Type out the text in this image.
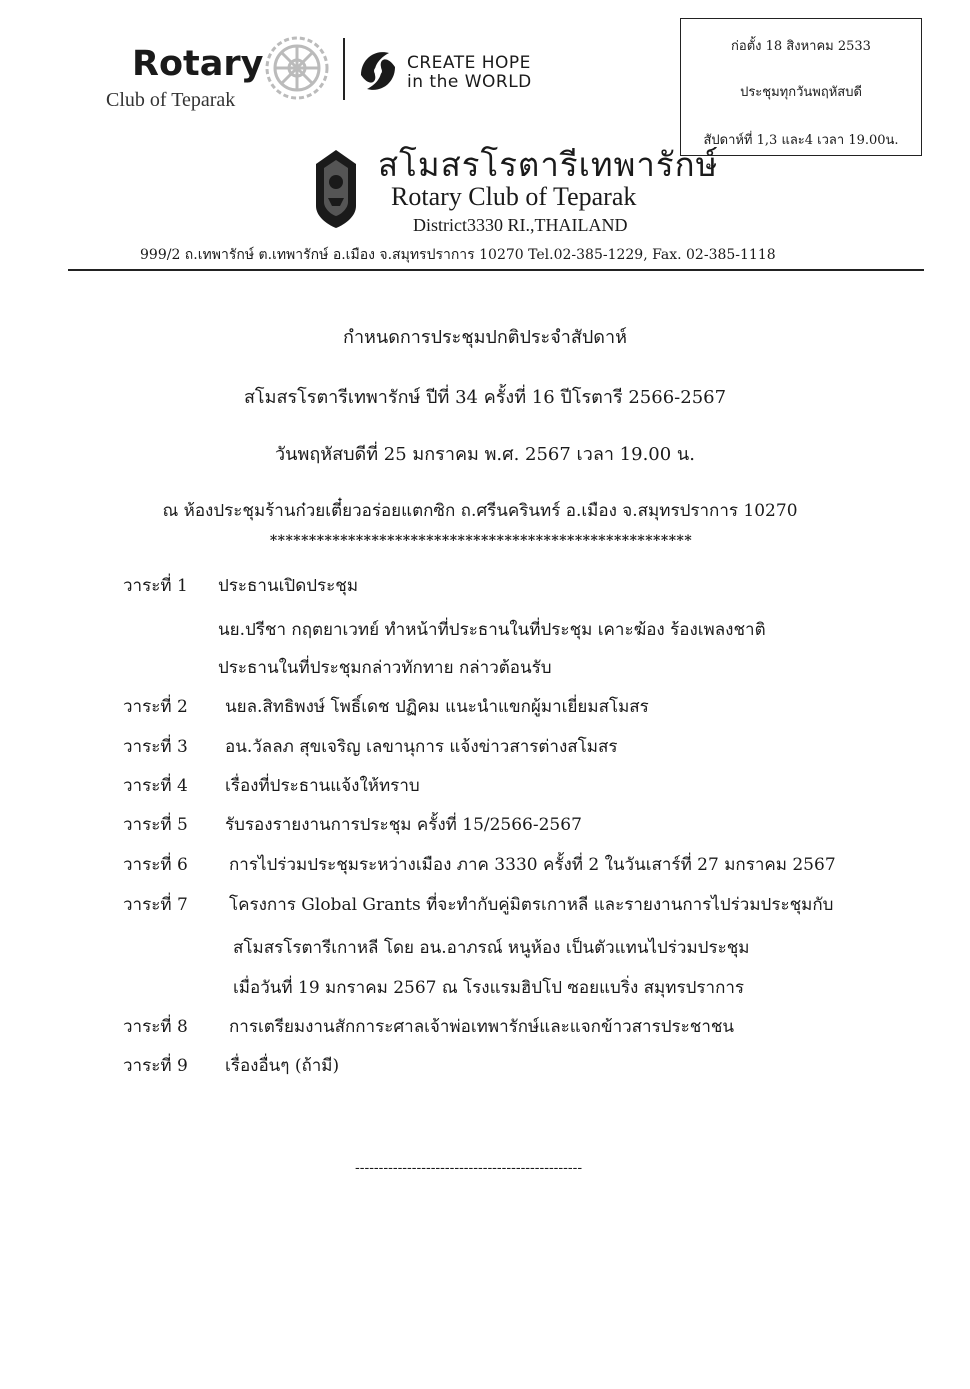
Rotary
Club of Teparak
CREATE HOPE
in the WORLD
ก่อตั้ง 18 สิงหาคม 2533
ประชุมทุกวันพฤหัสบดี
สัปดาห์ที่ 1,3 และ4 เวลา 19.00น.
สโมสรโรตารีเทพารักษ์
Rotary Club of Teparak
District3330 RI.,THAILAND
999/2 ถ.เทพารักษ์ ต.เทพารักษ์ อ.เมือง จ.สมุทรปราการ 10270 Tel.02-385-1229, Fax. 02-385-1118
กำหนดการประชุมปกติประจำสัปดาห์
สโมสรโรตารีเทพารักษ์ ปีที่ 34 ครั้งที่ 16 ปีโรตารี 2566-2567
วันพฤหัสบดีที่ 25 มกราคม พ.ศ. 2567 เวลา 19.00 น.
ณ ห้องประชุมร้านก๋วยเตี๋ยวอร่อยแตกซิก ถ.ศรีนครินทร์ อ.เมือง จ.สมุทรปราการ 10270
******************************************************
วาระที่ 1 ประธานเปิดประชุม
นย.ปรีชา กฤตยาเวทย์ ทำหน้าที่ประธานในที่ประชุม เคาะฆ้อง ร้องเพลงชาติ
ประธานในที่ประชุมกล่าวทักทาย กล่าวต้อนรับ
วาระที่ 2 นยล.สิทธิพงษ์ โพธิ์เดช ปฏิคม แนะนำแขกผู้มาเยี่ยมสโมสร
วาระที่ 3 อน.วัลลภ สุขเจริญ เลขานุการ แจ้งข่าวสารต่างสโมสร
วาระที่ 4 เรื่องที่ประธานแจ้งให้ทราบ
วาระที่ 5 รับรองรายงานการประชุม ครั้งที่ 15/2566-2567
วาระที่ 6 การไปร่วมประชุมระหว่างเมือง ภาค 3330 ครั้งที่ 2 ในวันเสาร์ที่ 27 มกราคม 2567
วาระที่ 7 โครงการ Global Grants ที่จะทำกับคู่มิตรเกาหลี และรายงานการไปร่วมประชุมกับ
สโมสรโรตารีเกาหลี โดย อน.อาภรณ์ หนูห้อง เป็นตัวแทนไปร่วมประชุม
เมื่อวันที่ 19 มกราคม 2567 ณ โรงแรมฮิปโป ซอยแบริ่ง สมุทรปราการ
วาระที่ 8 การเตรียมงานสักการะศาลเจ้าพ่อเทพารักษ์และแจกข้าวสารประชาชน
วาระที่ 9 เรื่องอื่นๆ (ถ้ามี)
------------------------------------------------
